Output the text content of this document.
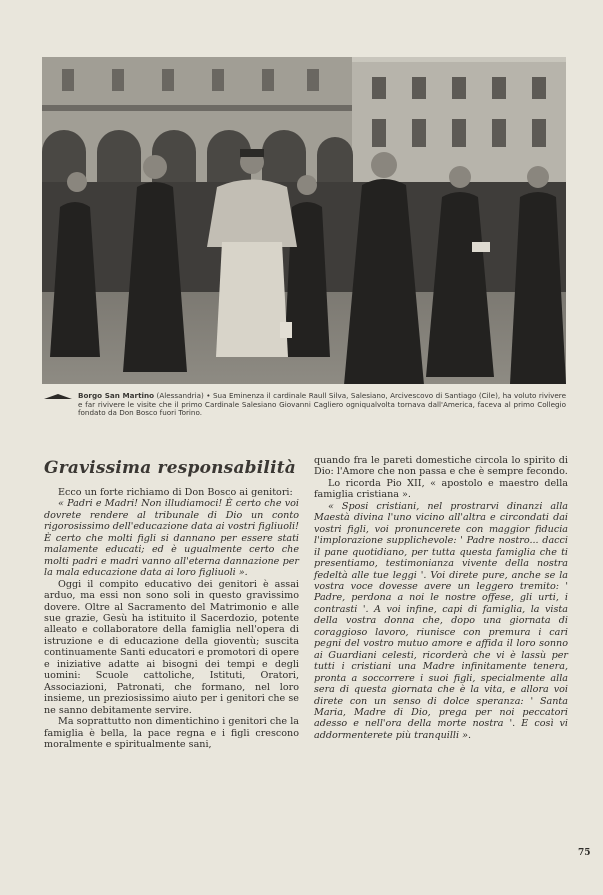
Borgo San Martino (Alessandria) • Sua Eminenza il cardinale Raull Silva, Salesiano, Arcivescovo di Santiago (Cile), ha voluto rivivere e far rivivere le visite che il primo Cardinale Salesiano Giovanni Cagliero ogniqualvolta tornava dall'America, faceva al primo Collegio fondato da Don Bosco fuori Torino.
Gravissima responsabilità

Ecco un forte richiamo di Don Bosco ai genitori:

« Padri e Madri! Non illudiamoci! È certo che voi dovrete rendere al tribunale di Dio un conto rigorosissimo dell'educazione data ai vostri figliuoli! È certo che molti figli si dannano per essere stati malamente educati; ed è ugualmente certo che molti padri e madri vanno all'eterna dannazione per la mala educazione data ai loro figliuoli ».

Oggi il compito educativo dei genitori è assai arduo, ma essi non sono soli in questo gravissimo dovere. Oltre al Sacramento del Matrimonio e alle sue grazie, Gesù ha istituito il Sacerdozio, potente alleato e collaboratore della famiglia nell'opera di istruzione e di educazione della gioventù; suscita continuamente Santi educatori e promotori di opere e iniziative adatte ai bisogni dei tempi e degli uomini: Scuole cattoliche, Istituti, Oratori, Associazioni, Patronati, che formano, nel loro insieme, un preziosissimo aiuto per i genitori che se ne sanno debitamente servire.

Ma soprattutto non dimentichino i genitori che la famiglia è bella, la pace regna e i figli crescono moralmente e spiritualmente sani,

quando fra le pareti domestiche circola lo spirito di Dio: l'Amore che non passa e che è sempre fecondo.

Lo ricorda Pio XII, « apostolo e maestro della famiglia cristiana ».

« Sposi cristiani, nel prostrarvi dinanzi alla Maestà divina l'uno vicino all'altra e circondati dai vostri figli, voi pronuncerete con maggior fiducia l'implorazione supplichevole: ' Padre nostro... dacci il pane quotidiano, per tutta questa famiglia che ti presentiamo, testimonianza vivente della nostra fedeltà alle tue leggi '. Voi direte pure, anche se la vostra voce dovesse avere un leggero tremito: ' Padre, perdona a noi le nostre offese, gli urti, i contrasti '. A voi infine, capi di famiglia, la vista della vostra donna che, dopo una giornata di coraggioso lavoro, riunisce con premura i cari pegni del vostro mutuo amore e affida il loro sonno ai Guardiani celesti, ricorderà che vi è lassù per tutti i cristiani una Madre infinitamente tenera, pronta a soccorrere i suoi figli, specialmente alla sera di questa giornata che è la vita, e allora voi direte con un senso di dolce speranza: ' Santa Maria, Madre di Dio, prega per noi peccatori adesso e nell'ora della morte nostra '. E così vi addormenterete più tranquilli ».

75
